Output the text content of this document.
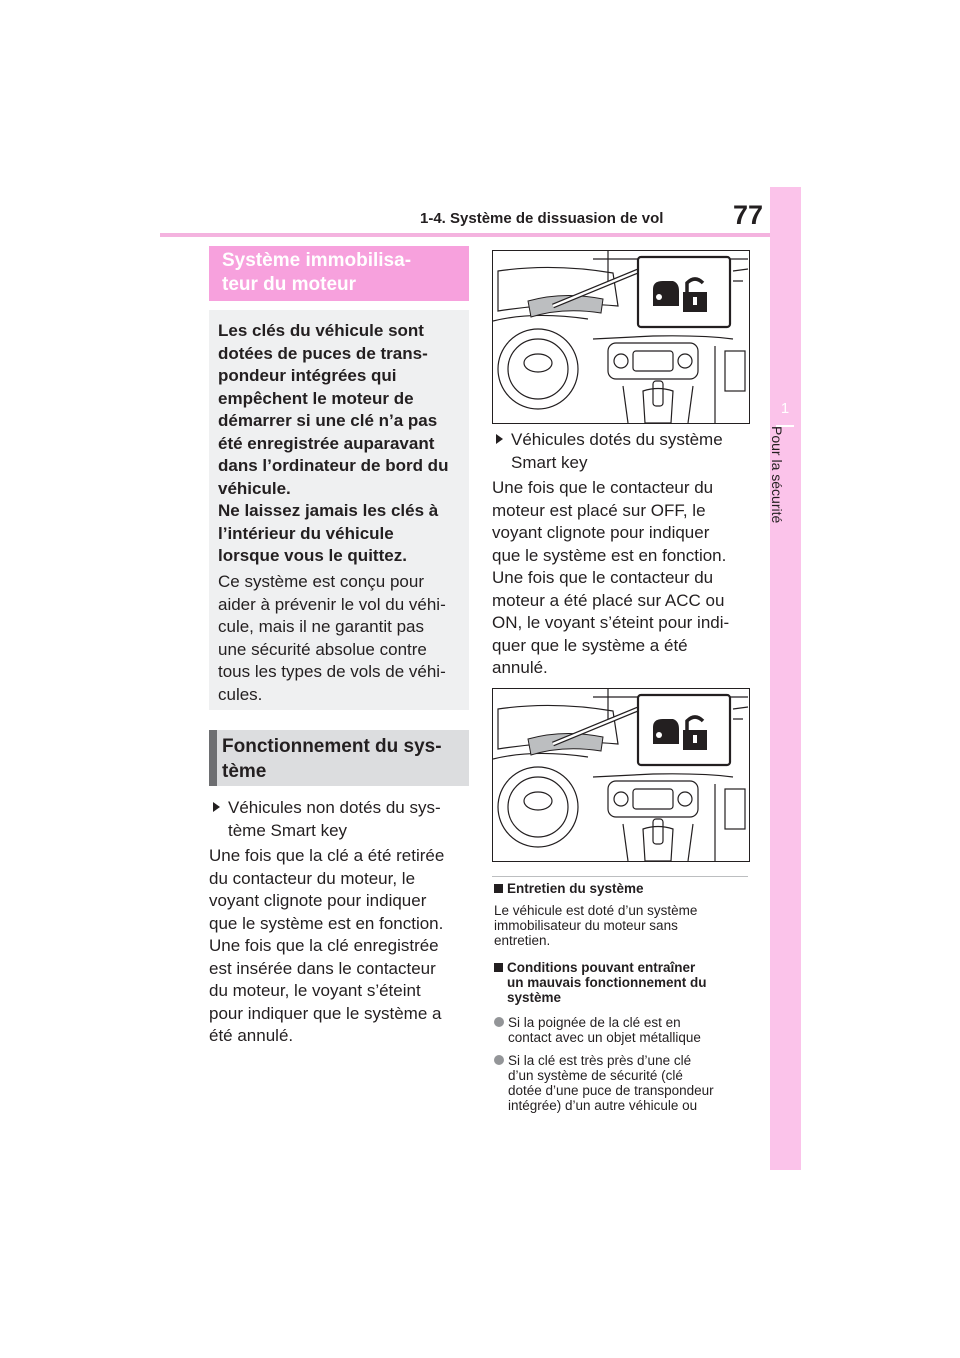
1-4. Système de dissuasion de vol	77
1
Pour la sécurité
Système immobilisa-
teur du moteur
Les clés du véhicule sont
dotées de puces de trans-
pondeur intégrées qui
empêchent le moteur de
démarrer si une clé n’a pas
été enregistrée auparavant
dans l’ordinateur de bord du
véhicule.
Ne laissez jamais les clés à
l’intérieur du véhicule
lorsque vous le quittez.
Ce système est conçu pour
aider à prévenir le vol du véhi-
cule, mais il ne garantit pas
une sécurité absolue contre
tous les types de vols de véhi-
cules.
Fonctionnement du sys-
tème
Véhicules non dotés du sys-
tème Smart key
Une fois que la clé a été retirée
du contacteur du moteur, le
voyant clignote pour indiquer
que le système est en fonction.
Une fois que la clé enregistrée
est insérée dans le contacteur
du moteur, le voyant s’éteint
pour indiquer que le système a
été annulé.
Véhicules dotés du système
Smart key
Une fois que le contacteur du
moteur est placé sur OFF, le
voyant clignote pour indiquer
que le système est en fonction.
Une fois que le contacteur du
moteur a été placé sur ACC ou
ON, le voyant s’éteint pour indi-
quer que le système a été
annulé.
Entretien du système
Le véhicule est doté d’un système
immobilisateur du moteur sans
entretien.
Conditions pouvant entraîner
un mauvais fonctionnement du
système
Si la poignée de la clé est en
contact avec un objet métallique
Si la clé est très près d’une clé
d’un système de sécurité (clé
dotée d’une puce de transpondeur
intégrée) d’un autre véhicule ou
